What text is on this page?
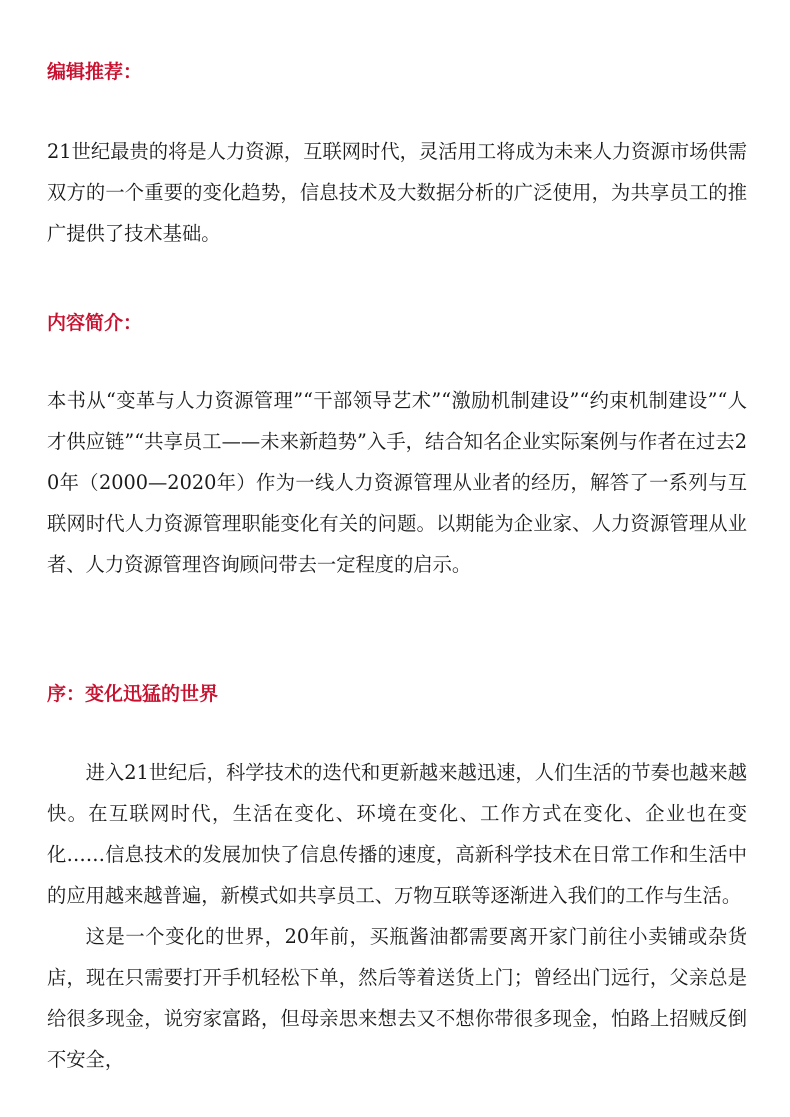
编辑推荐：
21世纪最贵的将是人力资源，互联网时代，灵活用工将成为未来人力资源市场供需双方的一个重要的变化趋势，信息技术及大数据分析的广泛使用，为共享员工的推广提供了技术基础。
内容简介：
本书从“变革与人力资源管理”“干部领导艺术”“激励机制建设”“约束机制建设”“人才供应链”“共享员工——未来新趋势”入手，结合知名企业实际案例与作者在过去20年（2000—2020年）作为一线人力资源管理从业者的经历，解答了一系列与互联网时代人力资源管理职能变化有关的问题。以期能为企业家、人力资源管理从业者、人力资源管理咨询顾问带去一定程度的启示。
序：变化迅猛的世界
进入21世纪后，科学技术的迭代和更新越来越迅速，人们生活的节奏也越来越快。在互联网时代，生活在变化、环境在变化、工作方式在变化、企业也在变化……信息技术的发展加快了信息传播的速度，高新科学技术在日常工作和生活中的应用越来越普遍，新模式如共享员工、万物互联等逐渐进入我们的工作与生活。
这是一个变化的世界，20年前，买瓶酱油都需要离开家门前往小卖铺或杂货店，现在只需要打开手机轻松下单，然后等着送货上门；曾经出门远行，父亲总是给很多现金，说穷家富路，但母亲思来想去又不想你带很多现金，怕路上招贼反倒不安全，
